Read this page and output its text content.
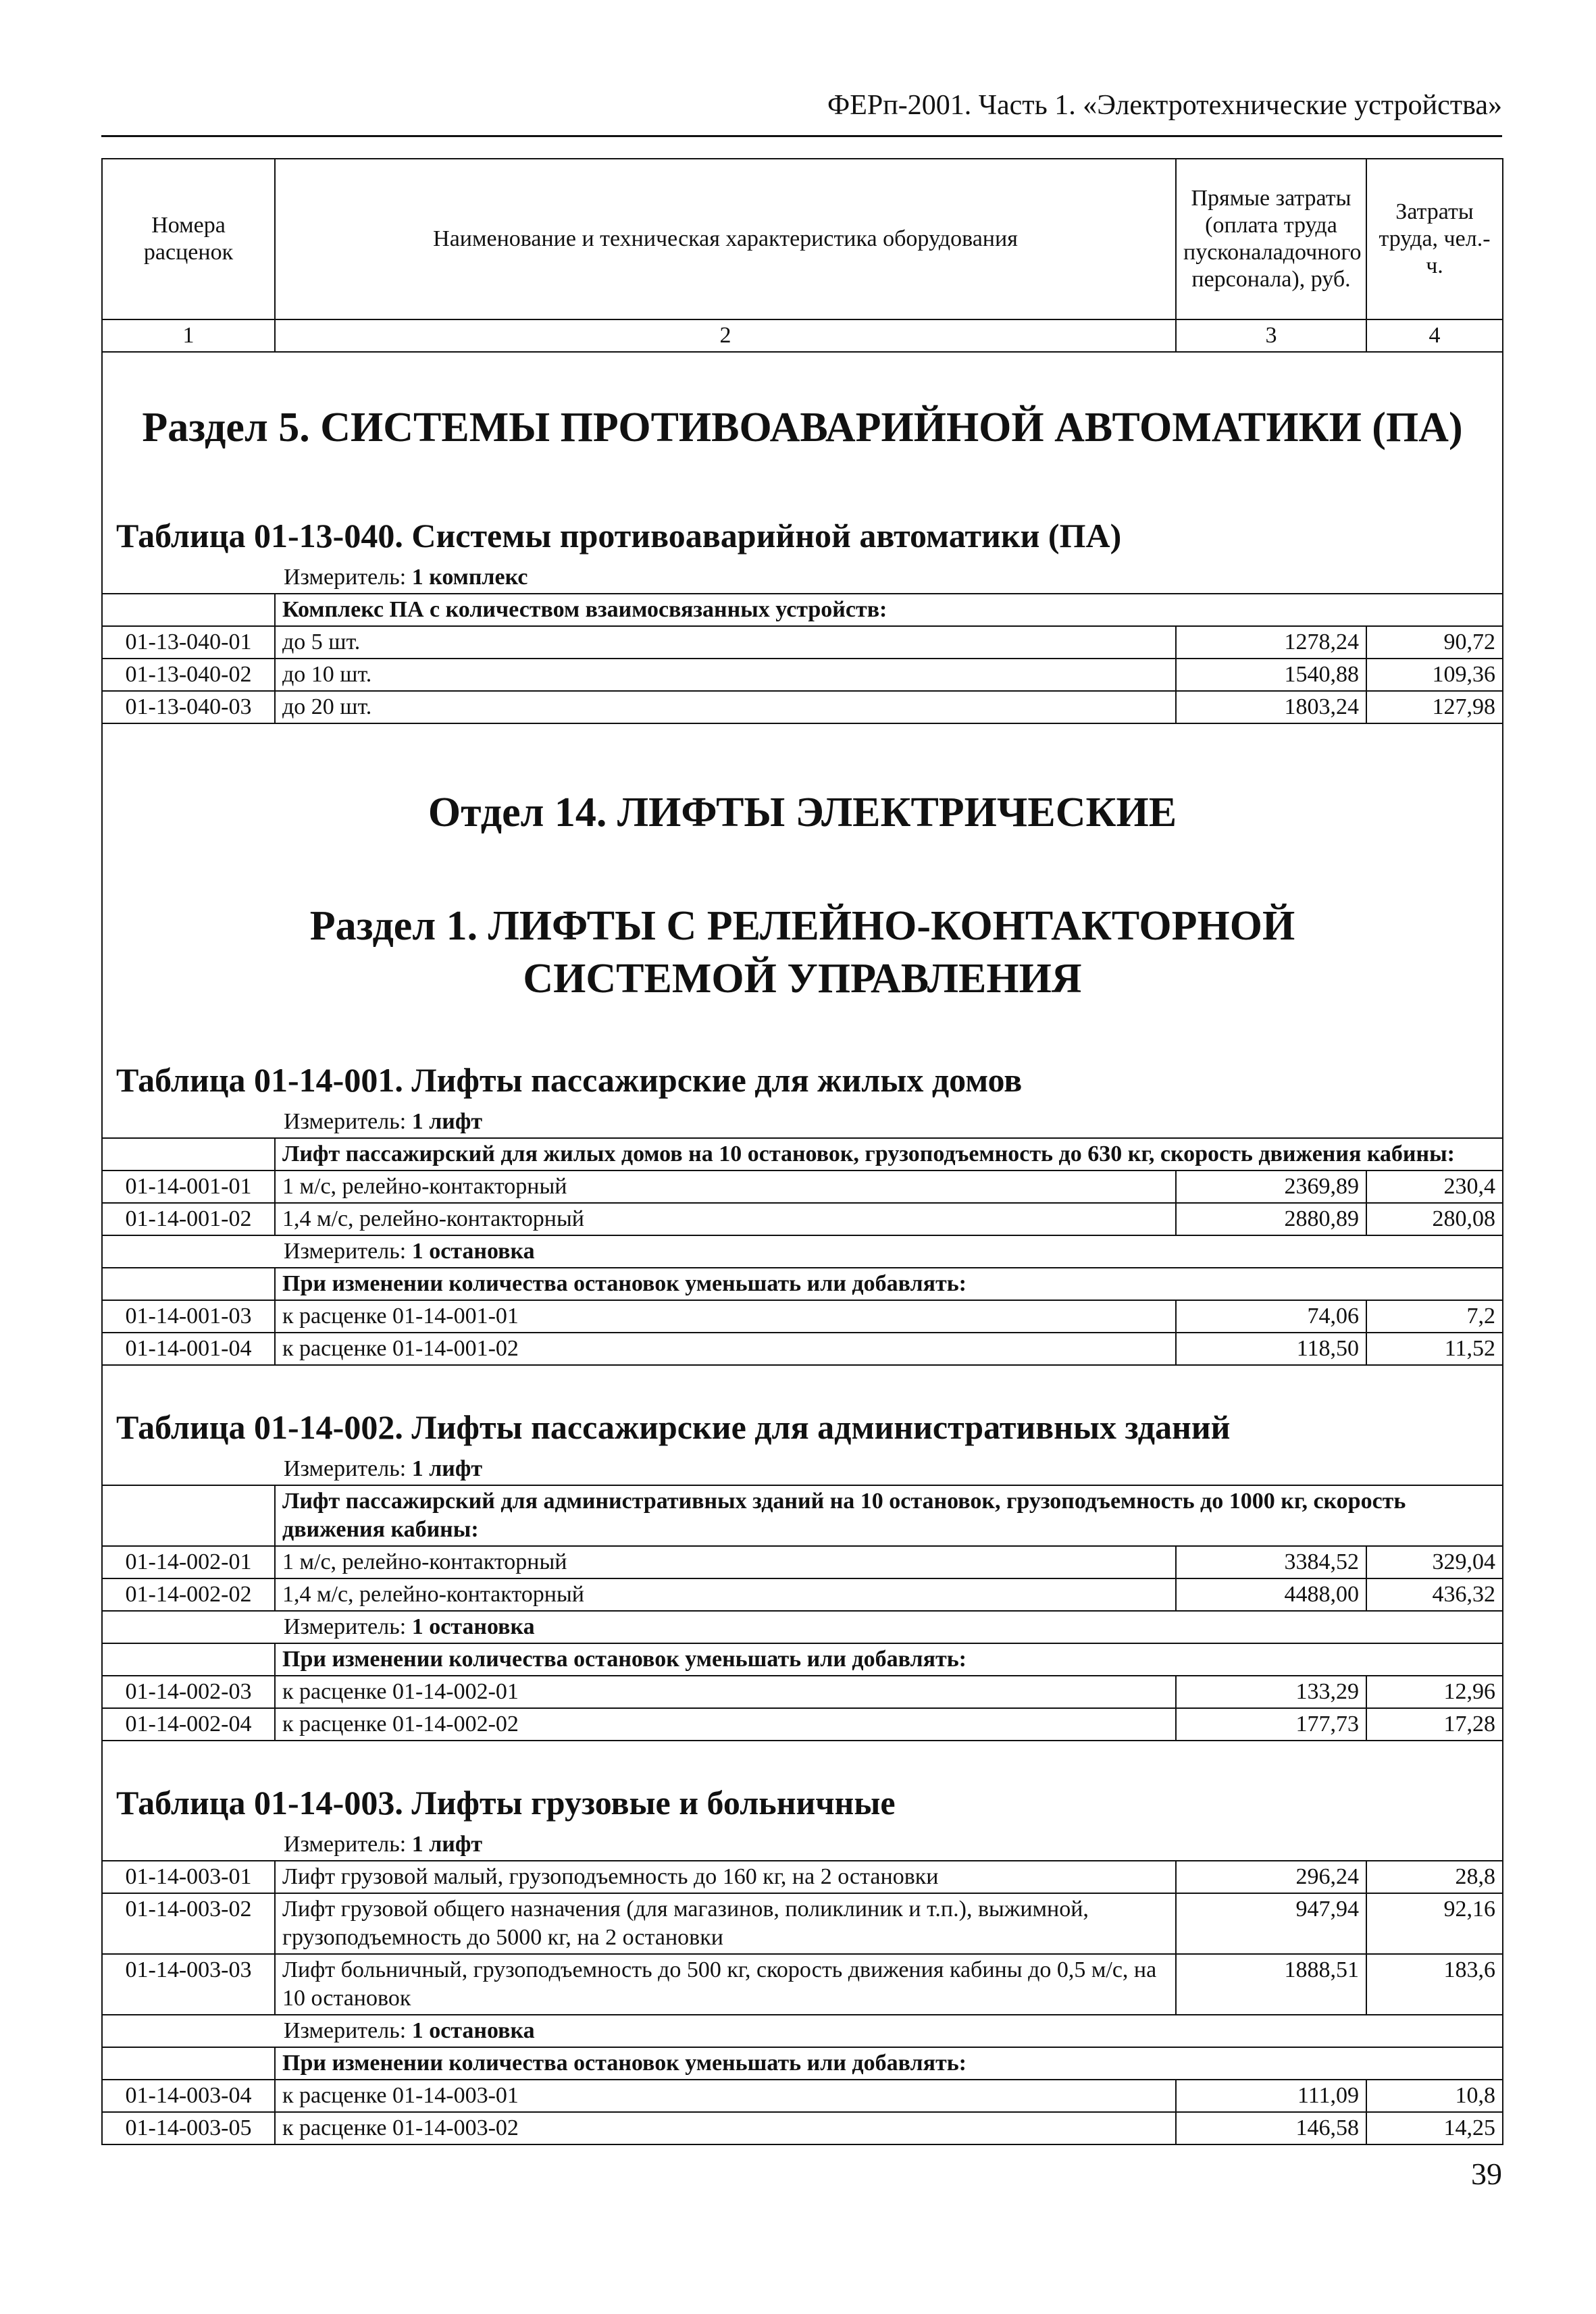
ФЕРп-2001. Часть 1. «Электротехнические устройства»
Номера расценок	Наименование и техническая характеристика оборудования	Прямые затраты (оплата труда пусконаладочного персонала), руб.	Затраты труда, чел.-ч.
1	2	3	4
Раздел 5. СИСТЕМЫ ПРОТИВОАВАРИЙНОЙ АВТОМАТИКИ (ПА)			
Таблица 01-13-040. Системы противоаварийной автоматики (ПА)			
Измеритель: 1 комплекс			
	Комплекс ПА с количеством взаимосвязанных устройств:		
01-13-040-01	до 5 шт.	1278,24	90,72
01-13-040-02	до 10 шт.	1540,88	109,36
01-13-040-03	до 20 шт.	1803,24	127,98
Отдел 14. ЛИФТЫ ЭЛЕКТРИЧЕСКИЕ			
Раздел 1. ЛИФТЫ С РЕЛЕЙНО-КОНТАКТОРНОЙ СИСТЕМОЙ УПРАВЛЕНИЯ			
Таблица 01-14-001. Лифты пассажирские для жилых домов			
Измеритель: 1 лифт			
	Лифт пассажирский для жилых домов на 10 остановок, грузоподъемность до 630 кг, скорость движения кабины:		
01-14-001-01	1 м/с, релейно-контакторный	2369,89	230,4
01-14-001-02	1,4 м/с, релейно-контакторный	2880,89	280,08
Измеритель: 1 остановка			
	При изменении количества остановок уменьшать или добавлять:		
01-14-001-03	к расценке 01-14-001-01	74,06	7,2
01-14-001-04	к расценке 01-14-001-02	118,50	11,52
Таблица 01-14-002. Лифты пассажирские для административных зданий			
Измеритель: 1 лифт			
	Лифт пассажирский для административных зданий на 10 остановок, грузоподъемность до 1000 кг, скорость движения кабины:		
01-14-002-01	1 м/с, релейно-контакторный	3384,52	329,04
01-14-002-02	1,4 м/с, релейно-контакторный	4488,00	436,32
Измеритель: 1 остановка			
	При изменении количества остановок уменьшать или добавлять:		
01-14-002-03	к расценке 01-14-002-01	133,29	12,96
01-14-002-04	к расценке 01-14-002-02	177,73	17,28
Таблица 01-14-003. Лифты грузовые и больничные			
Измеритель: 1 лифт			
01-14-003-01	Лифт грузовой малый, грузоподъемность до 160 кг, на 2 остановки	296,24	28,8
01-14-003-02	Лифт грузовой общего назначения (для магазинов, поликлиник и т.п.), выжимной, грузоподъемность до 5000 кг, на 2 остановки	947,94	92,16
01-14-003-03	Лифт больничный, грузоподъемность до 500 кг, скорость движения кабины до 0,5 м/с, на 10 остановок	1888,51	183,6
Измеритель: 1 остановка			
	При изменении количества остановок уменьшать или добавлять:		
01-14-003-04	к расценке 01-14-003-01	111,09	10,8
01-14-003-05	к расценке 01-14-003-02	146,58	14,25
39
